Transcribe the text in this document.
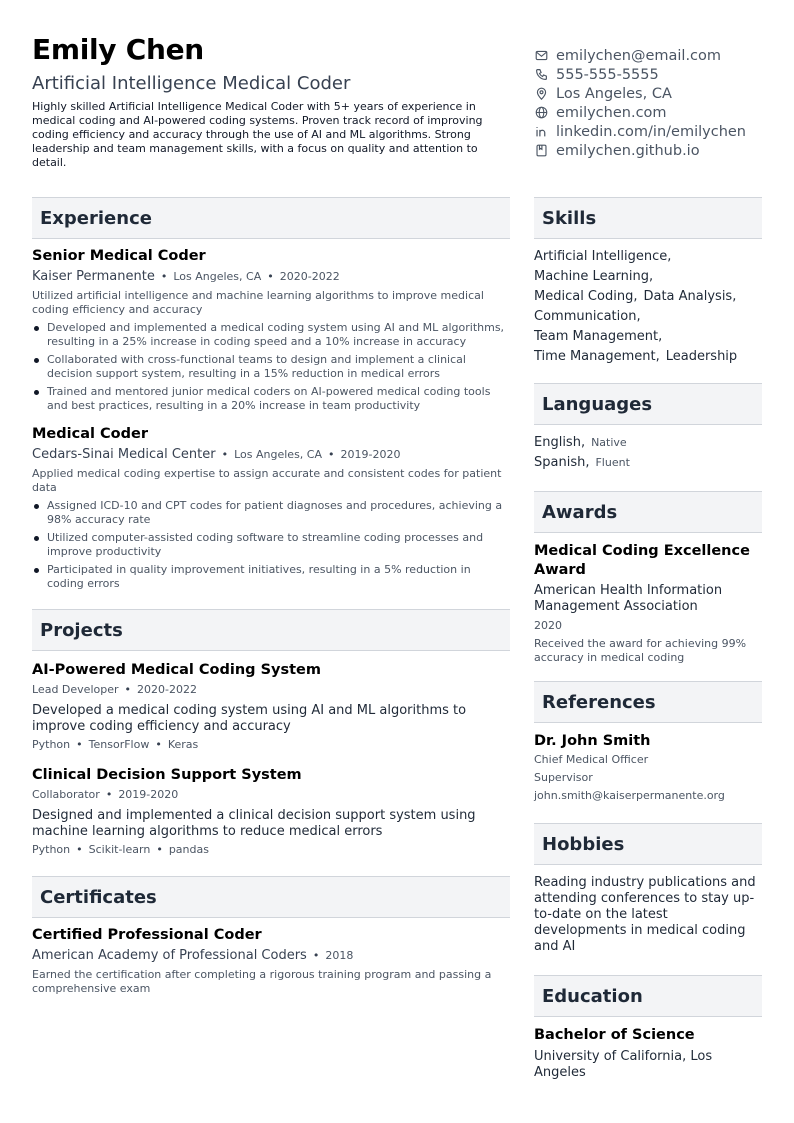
Emily Chen
Artificial Intelligence Medical Coder
Highly skilled Artificial Intelligence Medical Coder with 5+ years of experience in medical coding and AI-powered coding systems. Proven track record of improving coding efficiency and accuracy through the use of AI and ML algorithms. Strong leadership and team management skills, with a focus on quality and attention to detail.
emilychen@email.com
555-555-5555
Los Angeles, CA
emilychen.com
linkedin.com/in/emilychen
emilychen.github.io
Experience
Senior Medical Coder
Kaiser Permanente • Los Angeles, CA • 2020-2022
Utilized artificial intelligence and machine learning algorithms to improve medical coding efficiency and accuracy
Developed and implemented a medical coding system using AI and ML algorithms, resulting in a 25% increase in coding speed and a 10% increase in accuracy
Collaborated with cross-functional teams to design and implement a clinical decision support system, resulting in a 15% reduction in medical errors
Trained and mentored junior medical coders on AI-powered medical coding tools and best practices, resulting in a 20% increase in team productivity
Medical Coder
Cedars-Sinai Medical Center • Los Angeles, CA • 2019-2020
Applied medical coding expertise to assign accurate and consistent codes for patient data
Assigned ICD-10 and CPT codes for patient diagnoses and procedures, achieving a 98% accuracy rate
Utilized computer-assisted coding software to streamline coding processes and improve productivity
Participated in quality improvement initiatives, resulting in a 5% reduction in coding errors
Projects
AI-Powered Medical Coding System
Lead Developer • 2020-2022
Developed a medical coding system using AI and ML algorithms to improve coding efficiency and accuracy
Python • TensorFlow • Keras
Clinical Decision Support System
Collaborator • 2019-2020
Designed and implemented a clinical decision support system using machine learning algorithms to reduce medical errors
Python • Scikit-learn • pandas
Certificates
Certified Professional Coder
American Academy of Professional Coders • 2018
Earned the certification after completing a rigorous training program and passing a comprehensive exam
Skills
Artificial Intelligence,
Machine Learning,
Medical Coding, Data Analysis,
Communication,
Team Management,
Time Management, Leadership
Languages
English, Native
Spanish, Fluent
Awards
Medical Coding Excellence Award
American Health Information Management Association
2020
Received the award for achieving 99% accuracy in medical coding
References
Dr. John Smith
Chief Medical Officer
Supervisor
john.smith@kaiserpermanente.org
Hobbies
Reading industry publications and attending conferences to stay up-to-date on the latest developments in medical coding and AI
Education
Bachelor of Science
University of California, Los Angeles
